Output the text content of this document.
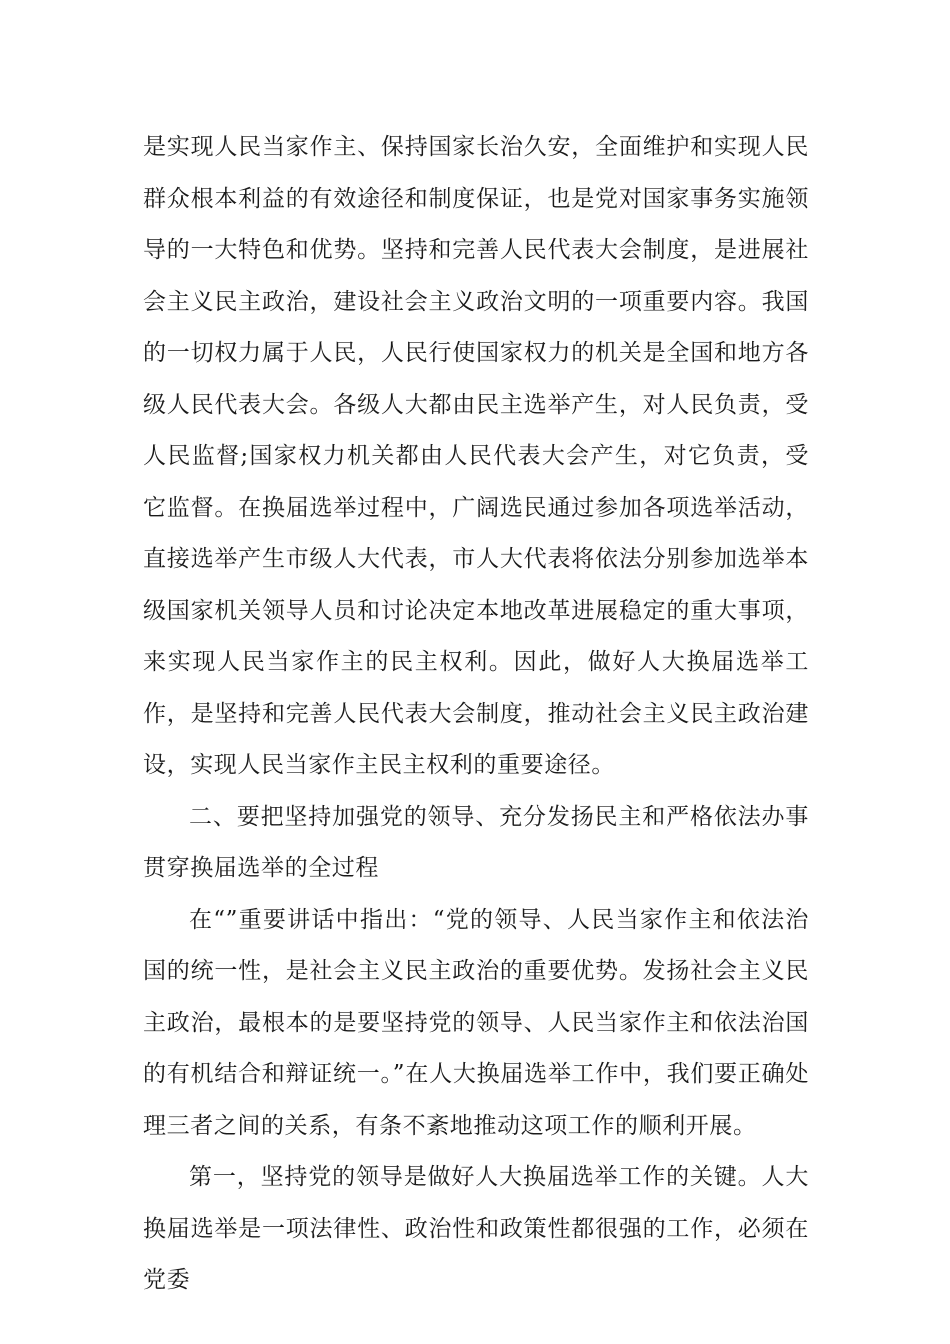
是实现人民当家作主、保持国家长治久安，全面维护和实现人民群众根本利益的有效途径和制度保证，也是党对国家事务实施领导的一大特色和优势。坚持和完善人民代表大会制度，是进展社会主义民主政治，建设社会主义政治文明的一项重要内容。我国的一切权力属于人民，人民行使国家权力的机关是全国和地方各级人民代表大会。各级人大都由民主选举产生，对人民负责，受人民监督;国家权力机关都由人民代表大会产生，对它负责，受它监督。在换届选举过程中，广阔选民通过参加各项选举活动，直接选举产生市级人大代表，市人大代表将依法分别参加选举本级国家机关领导人员和讨论决定本地改革进展稳定的重大事项，来实现人民当家作主的民主权利。因此，做好人大换届选举工作，是坚持和完善人民代表大会制度，推动社会主义民主政治建设，实现人民当家作主民主权利的重要途径。

二、要把坚持加强党的领导、充分发扬民主和严格依法办事贯穿换届选举的全过程

在“”重要讲话中指出：“党的领导、人民当家作主和依法治国的统一性，是社会主义民主政治的重要优势。发扬社会主义民主政治，最根本的是要坚持党的领导、人民当家作主和依法治国的有机结合和辩证统一。”在人大换届选举工作中，我们要正确处理三者之间的关系，有条不紊地推动这项工作的顺利开展。

第一，坚持党的领导是做好人大换届选举工作的关键。人大换届选举是一项法律性、政治性和政策性都很强的工作，必须在党委
